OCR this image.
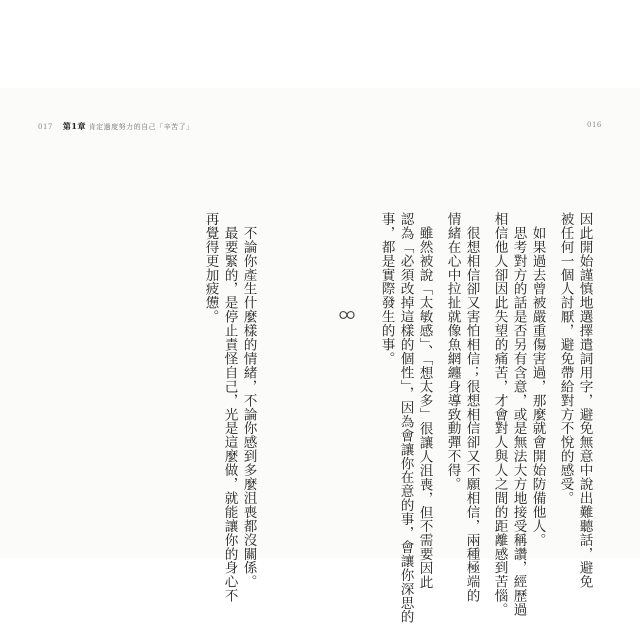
017 第1章 肯定過度努力的自己「辛苦了」	016
因此開始謹慎地選擇遣詞用字，避免無意中說出難聽話，避免
被任何一個人討厭，避免帶給對方不悅的感受。
　如果過去曾被嚴重傷害過，那麼就會開始防備他人。
　思考對方的話是否另有含意，或是無法大方地接受稱讚，經歷過
相信他人卻因此失望的痛苦，才會對人與人之間的距離感到苦惱。
　很想相信卻又害怕相信；很想相信卻又不願相信，兩種極端的
情緒在心中拉扯就像魚網纏身導致動彈不得。
　雖然被說「太敏感」、「想太多」很讓人沮喪，但不需要因此
認為「必須改掉這樣的個性」，因為會讓你在意的事，會讓你深思的
事，都是實際發生的事。
　不論你產生什麼樣的情緒，不論你感到多麼沮喪都沒關係。
　最要緊的，是停止責怪自己，光是這麼做，就能讓你的身心不
再覺得更加疲憊。
